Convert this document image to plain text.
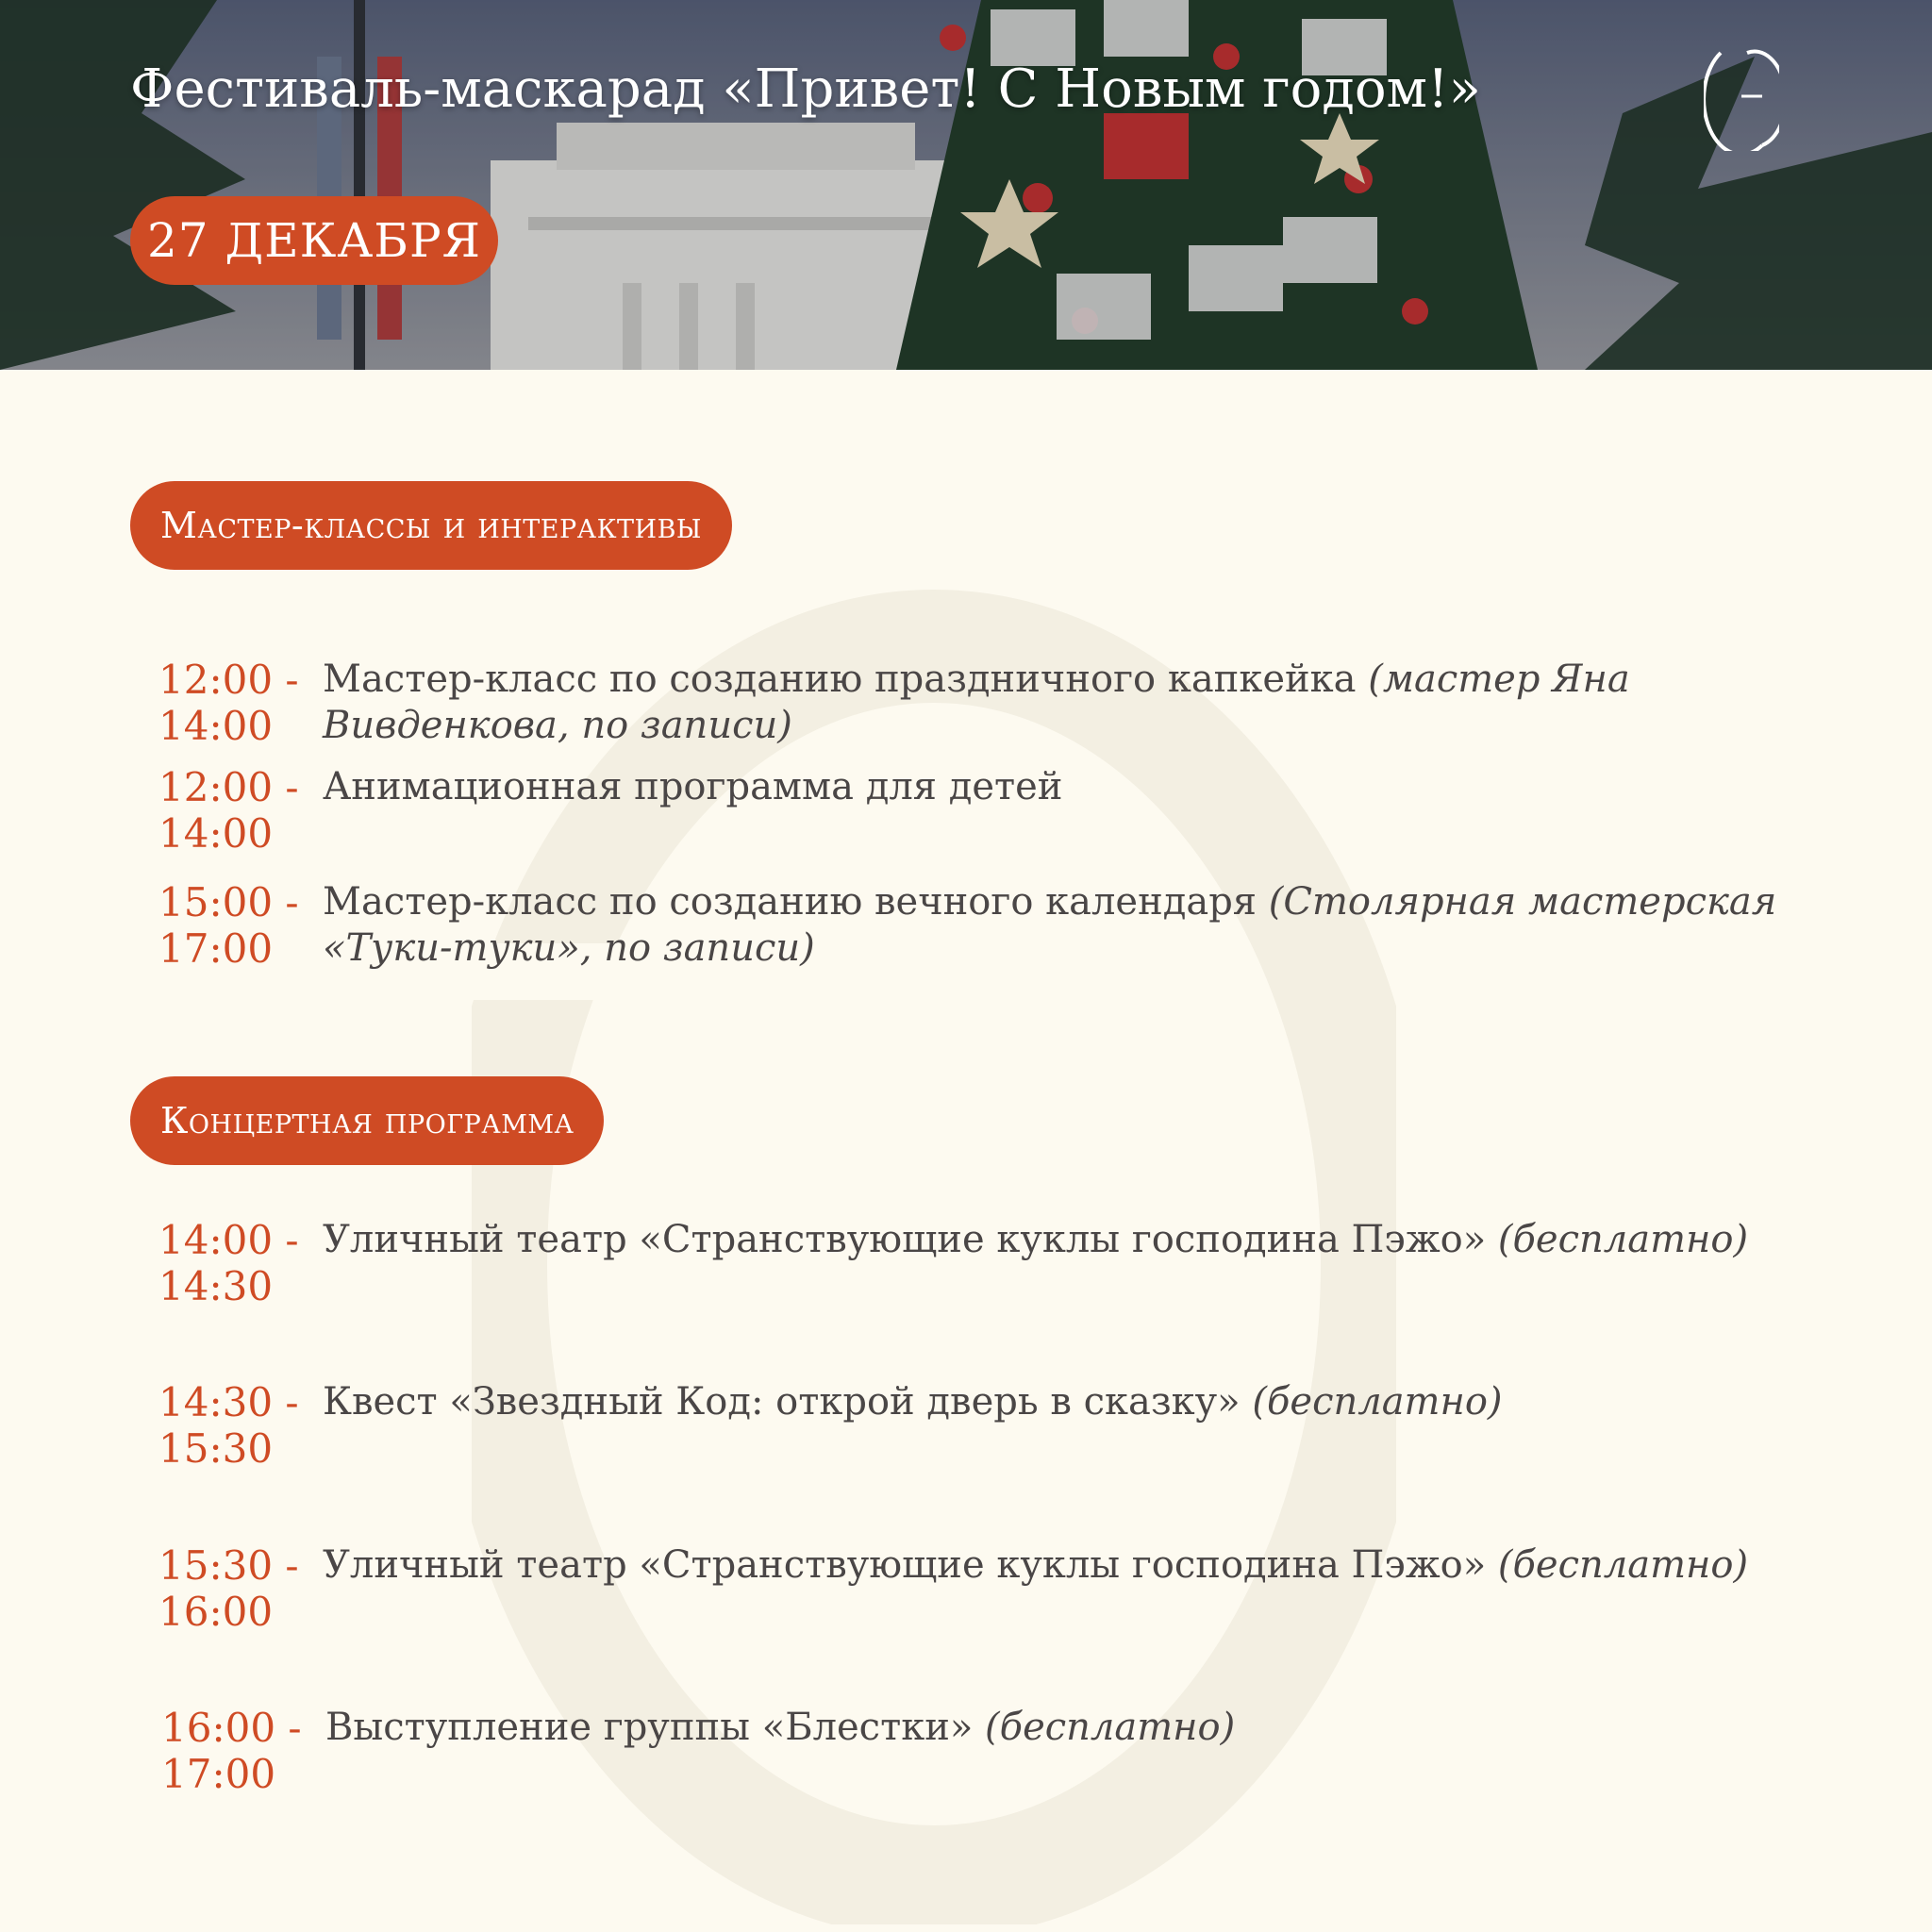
Фестиваль-маскарад «Привет! С Новым годом!»
27 ДЕКАБРЯ
Мастер-классы и интерактивы
12:00 -
14:00
Мастер-класс по созданию праздничного капкейка (мастер Яна Вивденкова, по записи)
12:00 -
14:00
Анимационная программа для детей
15:00 -
17:00
Мастер-класс по созданию вечного календаря (Столярная мастерская «Туки-туки», по записи)
Концертная программа
14:00 -
14:30
Уличный театр «Странствующие куклы господина Пэжо» (бесплатно)
14:30 -
15:30
Квест «Звездный Код: открой дверь в сказку» (бесплатно)
15:30 -
16:00
Уличный театр «Странствующие куклы господина Пэжо» (бесплатно)
16:00 -
17:00
Выступление группы «Блестки» (бесплатно)
